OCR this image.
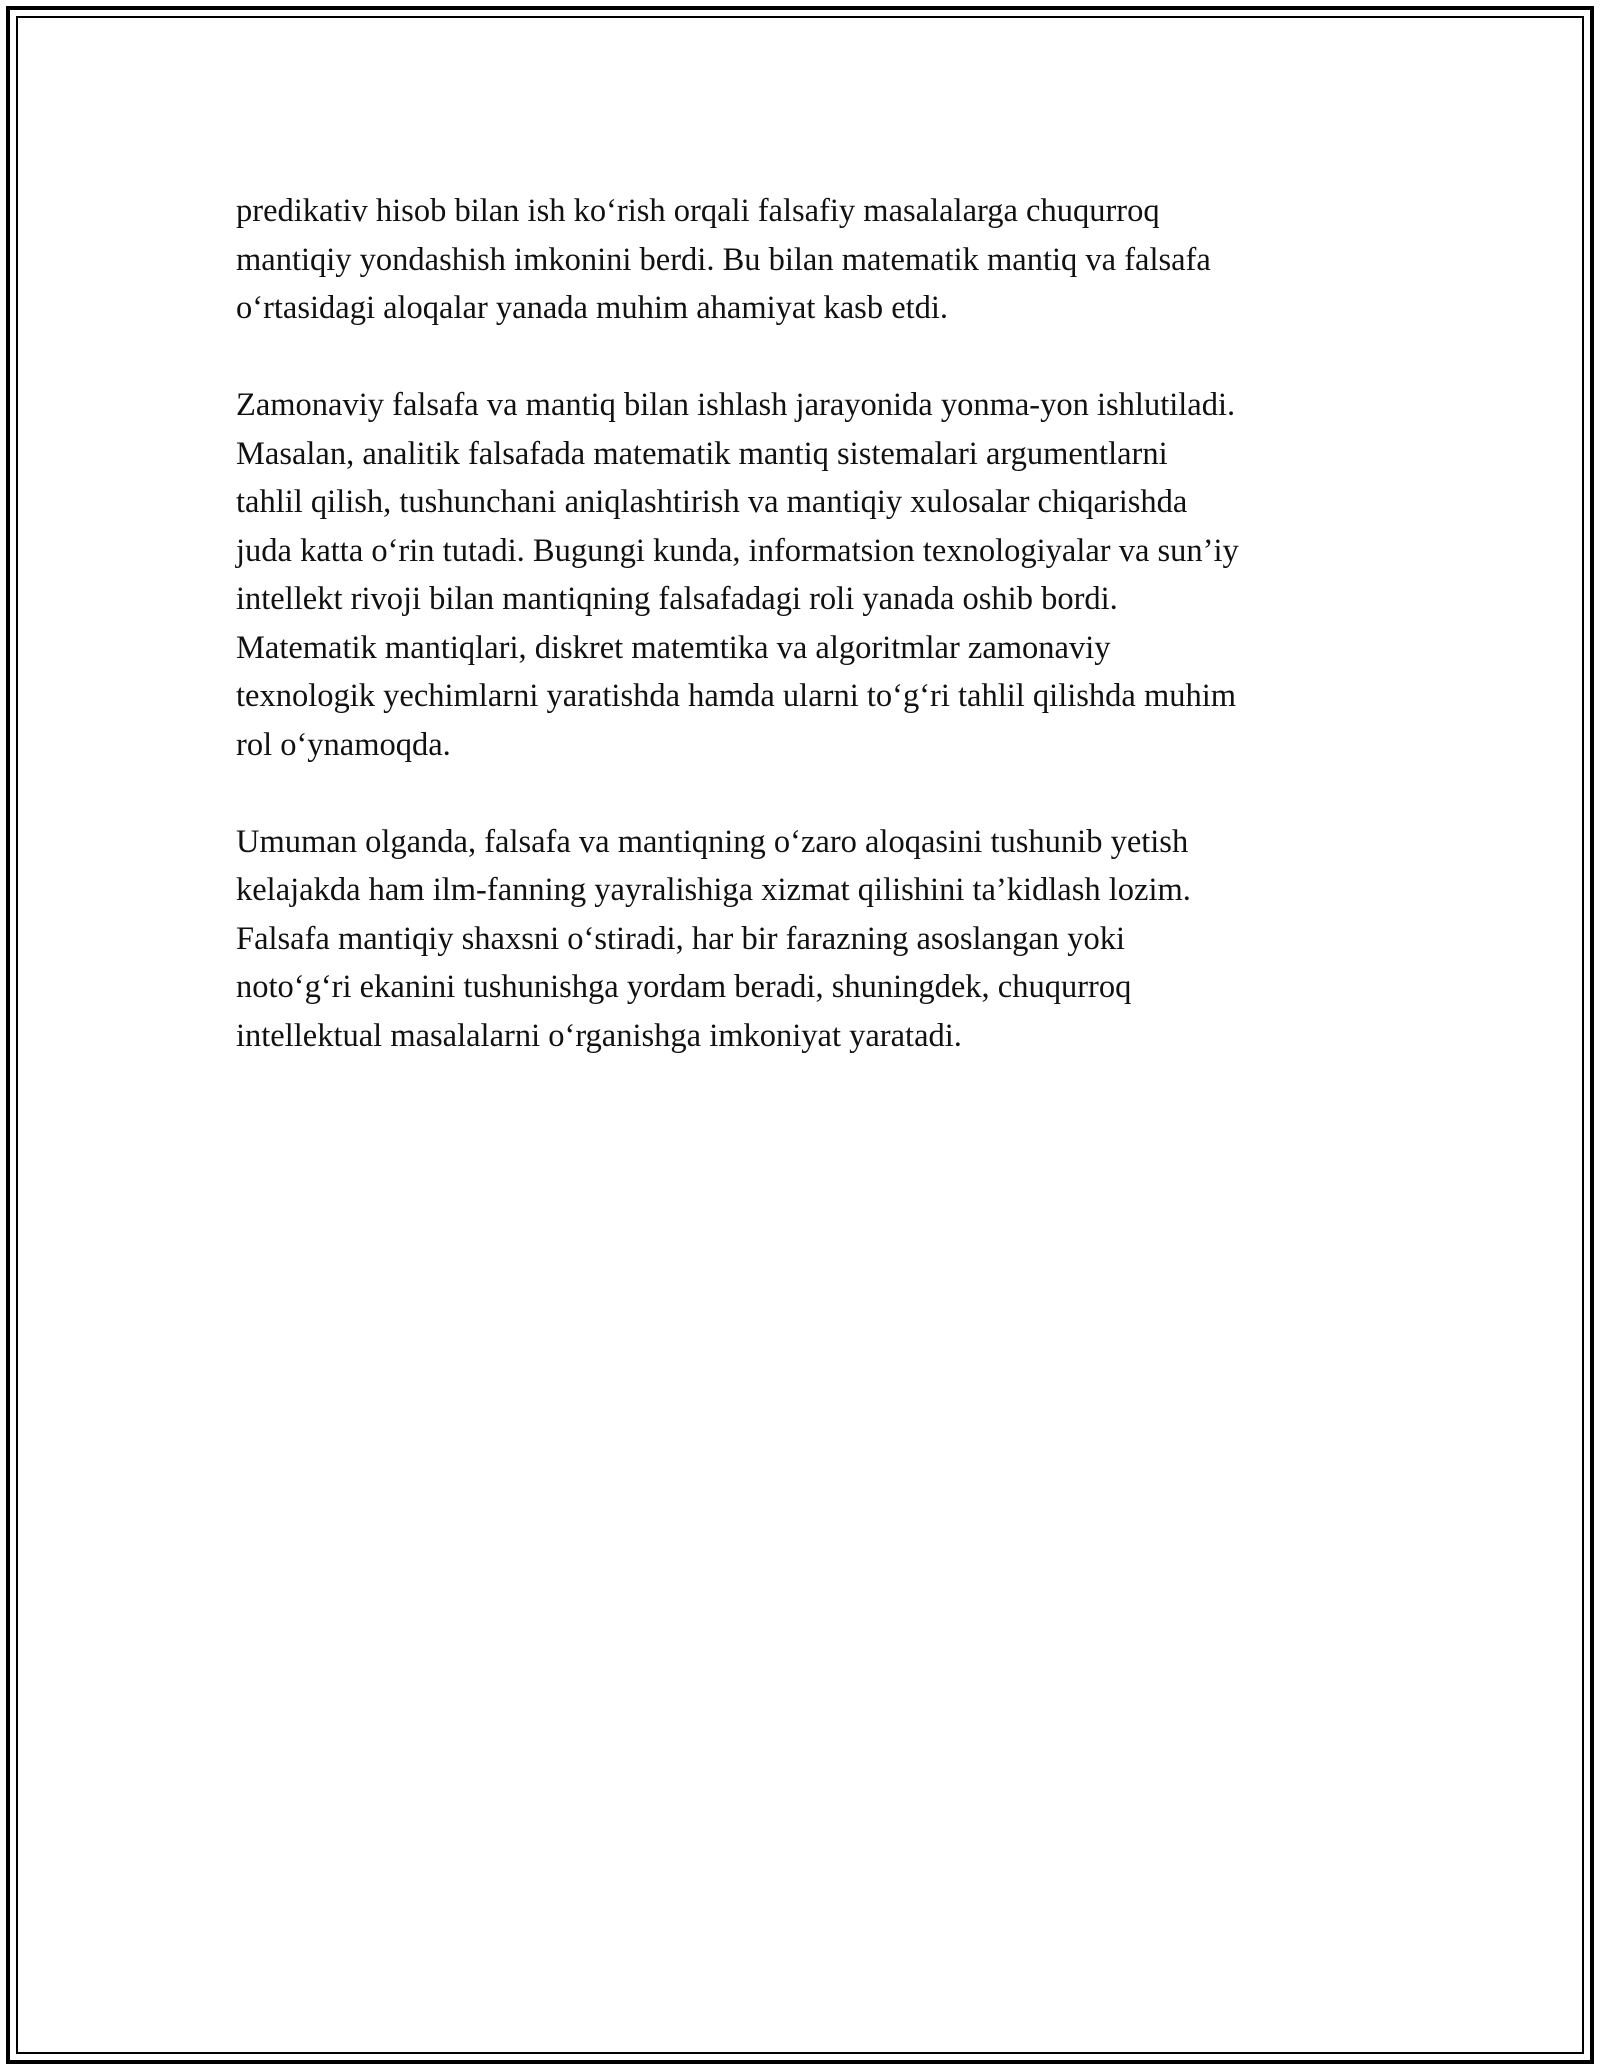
predikativ hisob bilan ish ko‘rish orqali falsafiy masalalarga chuqurroq
mantiqiy yondashish imkonini berdi. Bu bilan matematik mantiq va falsafa
o‘rtasidagi aloqalar yanada muhim ahamiyat kasb etdi.

Zamonaviy falsafa va mantiq bilan ishlash jarayonida yonma-yon ishlutiladi.
Masalan, analitik falsafada matematik mantiq sistemalari argumentlarni
tahlil qilish, tushunchani aniqlashtirish va mantiqiy xulosalar chiqarishda
juda katta o‘rin tutadi. Bugungi kunda, informatsion texnologiyalar va sun’iy
intellekt rivoji bilan mantiqning falsafadagi roli yanada oshib bordi.
Matematik mantiqlari, diskret matemtika va algoritmlar zamonaviy
texnologik yechimlarni yaratishda hamda ularni to‘g‘ri tahlil qilishda muhim
rol o‘ynamoqda.

Umuman olganda, falsafa va mantiqning o‘zaro aloqasini tushunib yetish
kelajakda ham ilm-fanning yayralishiga xizmat qilishini ta’kidlash lozim.
Falsafa mantiqiy shaxsni o‘stiradi, har bir farazning asoslangan yoki
noto‘g‘ri ekanini tushunishga yordam beradi, shuningdek, chuqurroq
intellektual masalalarni o‘rganishga imkoniyat yaratadi.
